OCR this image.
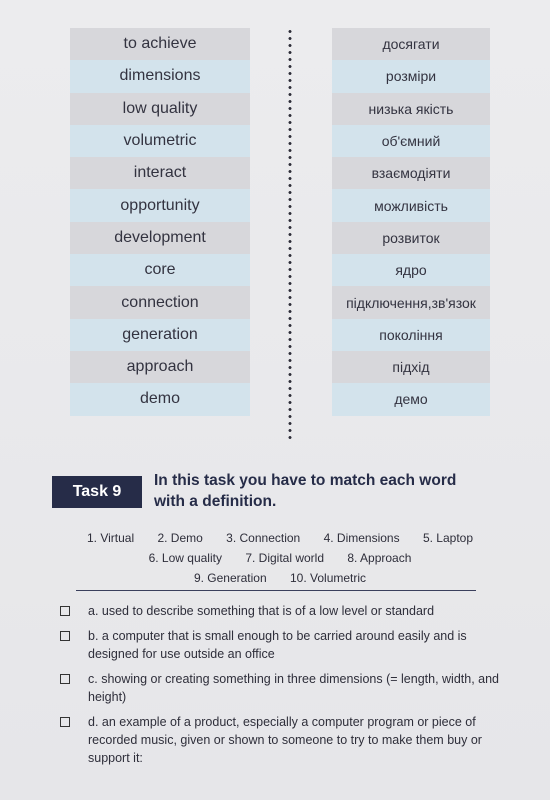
to achieve
dimensions
low quality
volumetric
interact
opportunity
development
core
connection
generation
approach
demo
досягати
розміри
низька якість
об'ємний
взаємодіяти
можливість
розвиток
ядро
підключення,зв'язок
покоління
підхід
демо
Task 9
In this task you have to match each word with a definition.
1. Virtual 2. Demo 3. Connection 4. Dimensions 5. Laptop
6. Low quality 7. Digital world 8. Approach
9. Generation 10. Volumetric
a. used to describe something that is of a low level or standard
b. a computer that is small enough to be carried around easily and is designed for use outside an office
c. showing or creating something in three dimensions (= length, width, and height)
d. an example of a product, especially a computer program or piece of recorded music, given or shown to someone to try to make them buy or support it:
